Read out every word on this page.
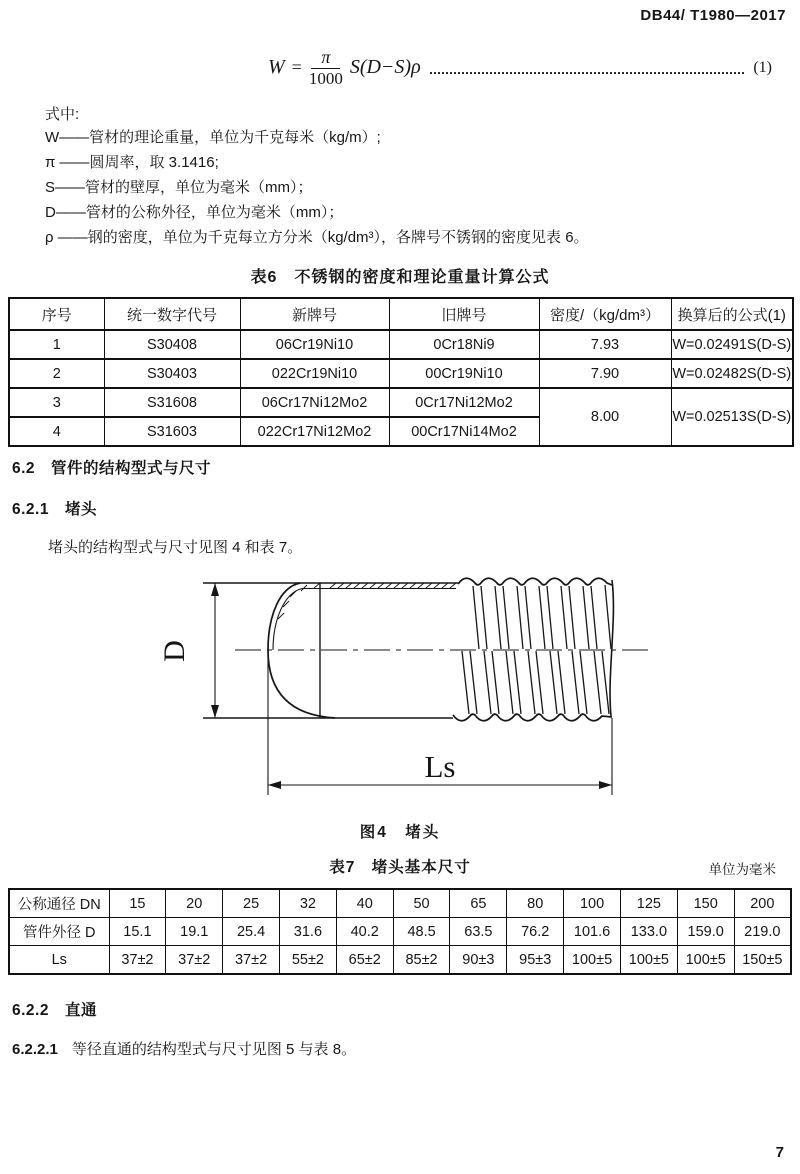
DB44/ T1980—2017
$W = \frac{\pi}{1000} S(D-S)\rho$	(1)
式中:
W——管材的理论重量，单位为千克每米（kg/m）;
π ——圆周率，取 3.1416;
S——管材的壁厚，单位为毫米（mm）；
D——管材的公称外径，单位为毫米（mm）；
ρ ——钢的密度，单位为千克每立方分米（kg/dm³），各牌号不锈钢的密度见表 6。
表6　不锈钢的密度和理论重量计算公式
序号	统一数字代号	新牌号	旧牌号	密度/（kg/dm³）	换算后的公式(1)
1	S30408	06Cr19Ni10	0Cr18Ni9	7.93	W=0.02491S(D-S)
2	S30403	022Cr19Ni10	00Cr19Ni10	7.90	W=0.02482S(D-S)
3	S31608	06Cr17Ni12Mo2	0Cr17Ni12Mo2	8.00	W=0.02513S(D-S)
4	S31603	022Cr17Ni12Mo2	00Cr17Ni14Mo2		
6.2　管件的结构型式与尺寸
6.2.1　堵头
堵头的结构型式与尺寸见图 4 和表 7。
D
Ls
图4　堵头
表7　堵头基本尺寸	单位为毫米
公称通径 DN	15	20	25	32	40	50	65	80	100	125	150	200
管件外径 D	15.1	19.1	25.4	31.6	40.2	48.5	63.5	76.2	101.6	133.0	159.0	219.0
Ls	37±2	37±2	37±2	55±2	65±2	85±2	90±3	95±3	100±5	100±5	100±5	150±5
6.2.2　直通
6.2.2.1 等径直通的结构型式与尺寸见图 5 与表 8。
7
